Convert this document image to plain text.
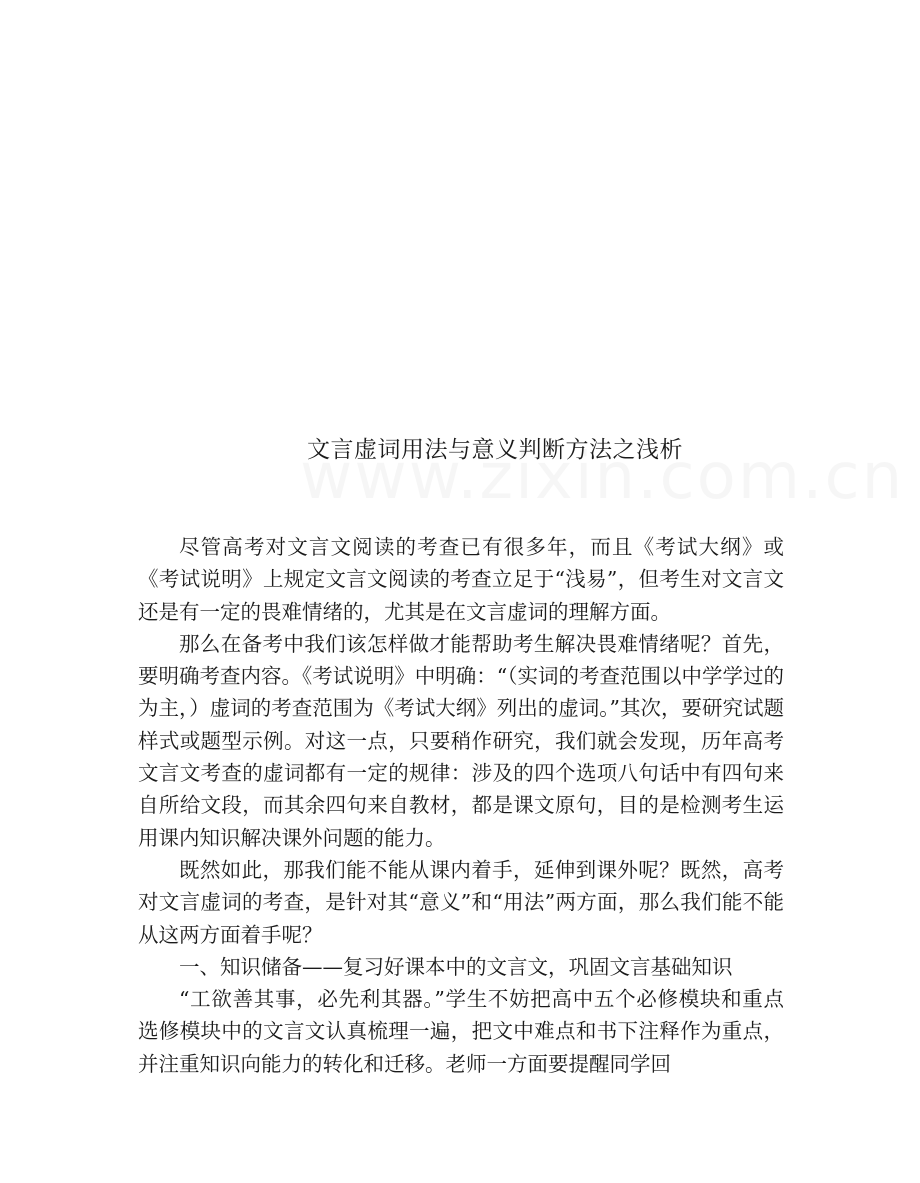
文言虚词用法与意义判断方法之浅析

尽管高考对文言文阅读的考查已有很多年，而且《考试大纲》或《考试说明》上规定文言文阅读的考查立足于“浅易”，但考生对文言文还是有一定的畏难情绪的，尤其是在文言虚词的理解方面。

那么在备考中我们该怎样做才能帮助考生解决畏难情绪呢？首先，要明确考查内容。《考试说明》中明确：“（实词的考查范围以中学学过的为主，）虚词的考查范围为《考试大纲》列出的虚词。”其次，要研究试题样式或题型示例。对这一点，只要稍作研究，我们就会发现，历年高考文言文考查的虚词都有一定的规律：涉及的四个选项八句话中有四句来自所给文段，而其余四句来自教材，都是课文原句，目的是检测考生运用课内知识解决课外问题的能力。

既然如此，那我们能不能从课内着手，延伸到课外呢？既然，高考对文言虚词的考查，是针对其“意义”和“用法”两方面，那么我们能不能从这两方面着手呢？

一、知识储备——复习好课本中的文言文，巩固文言基础知识

“工欲善其事，必先利其器。”学生不妨把高中五个必修模块和重点选修模块中的文言文认真梳理一遍，把文中难点和书下注释作为重点，并注重知识向能力的转化和迁移。老师一方面要提醒同学回
